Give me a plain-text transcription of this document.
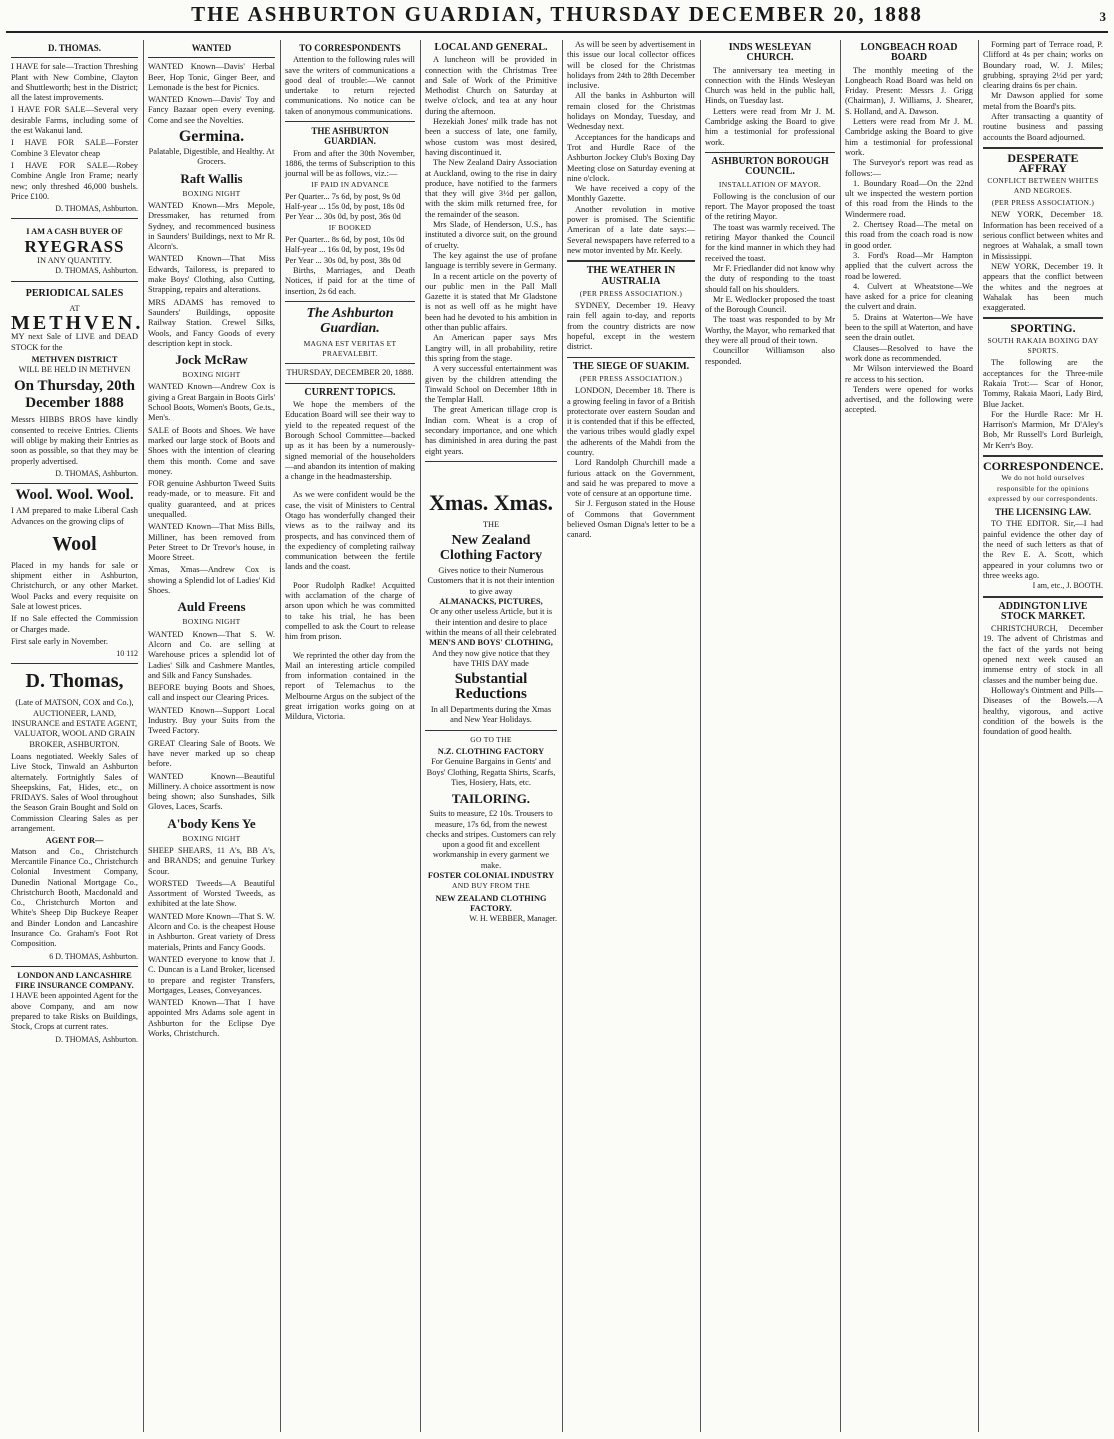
THE ASHBURTON GUARDIAN, THURSDAY DECEMBER 20, 1888	3
D. THOMAS.
I HAVE for sale—Traction Threshing Plant with New Combine, Clayton and Shuttleworth; best in the District; all the latest improvements.
I HAVE FOR SALE—Several very desirable Farms, including some of the est Wakanui land.
I HAVE FOR SALE—Forster Combine 3 Elevator cheap
I HAVE FOR SALE—Robey Combine Angle Iron Frame; nearly new; only threshed 46,000 bushels. Price £100.
D. THOMAS, Ashburton.
I AM A CASH BUYER OF
RYEGRASS
IN ANY QUANTITY.
D. THOMAS, Ashburton.
PERIODICAL SALES
AT
METHVEN.
MY next Sale of LIVE and DEAD STOCK for the
METHVEN DISTRICT
WILL BE HELD IN METHVEN
On Thursday, 20th December 1888
Messrs HIBBS BROS have kindly consented to receive Entries. Clients will oblige by making their Entries as soon as possible, so that they may be properly advertised.
D. THOMAS, Ashburton.
Wool. Wool. Wool.
I AM prepared to make Liberal Cash Advances on the growing clips of
Wool
Placed in my hands for sale or shipment either in Ashburton, Christchurch, or any other Market. Wool Packs and every requisite on Sale at lowest prices.
If no Sale effected the Commission or Charges made.
First sale early in November.
10 112
D. Thomas,
(Late of MATSON, COX and Co.),
AUCTIONEER, LAND, INSURANCE and ESTATE AGENT, VALUATOR, WOOL AND GRAIN BROKER, ASHBURTON.
Loans negotiated. Weekly Sales of Live Stock, Tinwald an Ashburton alternately. Fortnightly Sales of Sheepskins, Fat, Hides, etc., on FRIDAYS. Sales of Wool throughout the Season Grain Bought and Sold on Commission Clearing Sales as per arrangement.
AGENT FOR—
Matson and Co., Christchurch Mercantile Finance Co., Christchurch Colonial Investment Company, Dunedin National Mortgage Co., Christchurch Booth, Macdonald and Co., Christchurch Morton and White's Sheep Dip Buckeye Reaper and Binder London and Lancashire Insurance Co. Graham's Foot Rot Composition.
6 D. THOMAS, Ashburton.
LONDON AND LANCASHIRE FIRE INSURANCE COMPANY.
I HAVE been appointed Agent for the above Company, and am now prepared to take Risks on Buildings, Stock, Crops at current rates.
D. THOMAS, Ashburton.
WANTED
WANTED Known—Davis' Herbal Beer, Hop Tonic, Ginger Beer, and Lemonade is the best for Picnics.
WANTED Known—Davis' Toy and Fancy Bazaar open every evening. Come and see the Novelties.
Germina.
Palatable, Digestible, and Healthy. At Grocers.
Raft Wallis
BOXING NIGHT
WANTED Known—Mrs Mepole, Dressmaker, has returned from Sydney, and recommenced business in Saunders' Buildings, next to Mr R. Alcorn's.
WANTED Known—That Miss Edwards, Tailoress, is prepared to make Boys' Clothing, also Cutting, Strapping, repairs and alterations.
MRS ADAMS has removed to Saunders' Buildings, opposite Railway Station. Crewel Silks, Wools, and Fancy Goods of every description kept in stock.
Jock McRaw
BOXING NIGHT
WANTED Known—Andrew Cox is giving a Great Bargain in Boots Girls' School Boots, Women's Boots, Ge.ts., Men's.
SALE of Boots and Shoes. We have marked our large stock of Boots and Shoes with the intention of clearing them this month. Come and save money.
FOR genuine Ashburton Tweed Suits ready-made, or to measure. Fit and quality guaranteed, and at prices unequalled.
WANTED Known—That Miss Bills, Milliner, has been removed from Peter Street to Dr Trevor's house, in Moore Street.
Xmas, Xmas—Andrew Cox is showing a Splendid lot of Ladies' Kid Shoes.
Auld Freens
BOXING NIGHT
WANTED Known—That S. W. Alcorn and Co. are selling at Warehouse prices a splendid lot of Ladies' Silk and Cashmere Mantles, and Silk and Fancy Sunshades.
BEFORE buying Boots and Shoes, call and inspect our Clearing Prices.
WANTED Known—Support Local Industry. Buy your Suits from the Tweed Factory.
GREAT Clearing Sale of Boots. We have never marked up so cheap before.
WANTED Known—Beautiful Millinery. A choice assortment is now being shown; also Sunshades, Silk Gloves, Laces, Scarfs.
A'body Kens Ye
BOXING NIGHT
SHEEP SHEARS, 11 A's, BB A's, and BRANDS; and genuine Turkey Scour.
WORSTED Tweeds—A Beautiful Assortment of Worsted Tweeds, as exhibited at the late Show.
WANTED More Known—That S. W. Alcorn and Co. is the cheapest House in Ashburton. Great variety of Dress materials, Prints and Fancy Goods.
WANTED everyone to know that J. C. Duncan is a Land Broker, licensed to prepare and register Transfers, Mortgages, Leases, Conveyances.
WANTED Known—That I have appointed Mrs Adams sole agent in Ashburton for the Eclipse Dye Works, Christchurch.
TO CORRESPONDENTS

Attention to the following rules will save the writers of communications a good deal of trouble:—We cannot undertake to return rejected communications. No notice can be taken of anonymous communications.

THE ASHBURTON GUARDIAN.

From and after the 30th November, 1886, the terms of Subscription to this journal will be as follows, viz.:—

IF PAID IN ADVANCE
Per Quarter... 7s 6d, by post, 9s 0d
Half-year ... 15s 0d, by post, 18s 0d
Per Year ... 30s 0d, by post, 36s 0d
IF BOOKED
Per Quarter... 8s 6d, by post, 10s 0d
Half-year ... 16s 0d, by post, 19s 0d
Per Year ... 30s 0d, by post, 38s 0d

Births, Marriages, and Death Notices, if paid for at the time of insertion, 2s 6d each.

The Ashburton Guardian.
MAGNA EST VERITAS ET PRAEVALEBIT.
THURSDAY, DECEMBER 20, 1888.
CURRENT TOPICS.

We hope the members of the Education Board will see their way to yield to the repeated request of the Borough School Committee—backed up as it has been by a numerously-signed memorial of the householders—and abandon its intention of making a change in the headmastership.

As we were confident would be the case, the visit of Ministers to Central Otago has wonderfully changed their views as to the railway and its prospects, and has convinced them of the expediency of completing railway communication between the fertile lands and the coast.

Poor Rudolph Radke! Acquitted with acclamation of the charge of arson upon which he was committed to take his trial, he has been compelled to ask the Court to release him from prison.

We reprinted the other day from the Mail an interesting article compiled from information contained in the report of Telemachus to the Melbourne Argus on the subject of the great irrigation works going on at Mildura, Victoria.

LOCAL AND GENERAL.

A luncheon will be provided in connection with the Christmas Tree and Sale of Work of the Primitive Methodist Church on Saturday at twelve o'clock, and tea at any hour during the afternoon.

Hezekiah Jones' milk trade has not been a success of late, one family, whose custom was most desired, having discontinued it.

The New Zealand Dairy Association at Auckland, owing to the rise in dairy produce, have notified to the farmers that they will give 3½d per gallon, with the skim milk returned free, for the remainder of the season.

Mrs Slade, of Henderson, U.S., has instituted a divorce suit, on the ground of cruelty.

The key against the use of profane language is terribly severe in Germany.

In a recent article on the poverty of our public men in the Pall Mall Gazette it is stated that Mr Gladstone is not as well off as he might have been had he devoted to his ambition in other than public affairs.

An American paper says Mrs Langtry will, in all probability, retire this spring from the stage.

A very successful entertainment was given by the children attending the Tinwald School on December 18th in the Templar Hall.

The great American tillage crop is Indian corn. Wheat is a crop of secondary importance, and one which has diminished in area during the past eight years.

Xmas. Xmas.
THE
New Zealand Clothing Factory
Gives notice to their Numerous Customers that it is not their intention to give away
ALMANACKS, PICTURES,
Or any other useless Article, but it is their intention and desire to place within the means of all their celebrated
MEN'S AND BOYS' CLOTHING,
And they now give notice that they have THIS DAY made
Substantial Reductions
In all Departments during the Xmas and New Year Holidays.
GO TO THE
N.Z. CLOTHING FACTORY
For Genuine Bargains in Gents' and Boys' Clothing, Regatta Shirts, Scarfs, Ties, Hosiery, Hats, etc.
TAILORING.
Suits to measure, £2 10s. Trousers to measure, 17s 6d, from the newest checks and stripes. Customers can rely upon a good fit and excellent workmanship in every garment we make.
FOSTER COLONIAL INDUSTRY
AND BUY FROM THE
NEW ZEALAND CLOTHING FACTORY.
W. H. WEBBER, Manager.

As will be seen by advertisement in this issue our local collector offices will be closed for the Christmas holidays from 24th to 28th December inclusive.

All the banks in Ashburton will remain closed for the Christmas holidays on Monday, Tuesday, and Wednesday next.

Acceptances for the handicaps and Trot and Hurdle Race of the Ashburton Jockey Club's Boxing Day Meeting close on Saturday evening at nine o'clock.

We have received a copy of the Monthly Gazette.

Another revolution in motive power is promised. The Scientific American of a late date says:—Several newspapers have referred to a new motor invented by Mr. Keely.

THE WEATHER IN AUSTRALIA
(PER PRESS ASSOCIATION.)

SYDNEY, December 19. Heavy rain fell again to-day, and reports from the country districts are now hopeful, except in the western district.

THE SIEGE OF SUAKIM.
(PER PRESS ASSOCIATION.)

LONDON, December 18. There is a growing feeling in favor of a British protectorate over eastern Soudan and it is contended that if this be effected, the various tribes would gladly expel the adherents of the Mahdi from the country.

Lord Randolph Churchill made a furious attack on the Government, and said he was prepared to move a vote of censure at an opportune time.

Sir J. Ferguson stated in the House of Commons that Government believed Osman Digna's letter to be a canard.

INDS WESLEYAN CHURCH.

The anniversary tea meeting in connection with the Hinds Wesleyan Church was held in the public hall, Hinds, on Tuesday last.

Letters were read from Mr J. M. Cambridge asking the Board to give him a testimonial for professional work.

ASHBURTON BOROUGH COUNCIL.
INSTALLATION OF MAYOR.

Following is the conclusion of our report. The Mayor proposed the toast of the retiring Mayor.

The toast was warmly received. The retiring Mayor thanked the Council for the kind manner in which they had received the toast.

Mr F. Friedlander did not know why the duty of responding to the toast should fall on his shoulders.

Mr E. Wedlocker proposed the toast of the Borough Council.

The toast was responded to by Mr Worthy, the Mayor, who remarked that they were all proud of their town.

Councillor Williamson also responded.

LONGBEACH ROAD BOARD

The monthly meeting of the Longbeach Road Board was held on Friday. Present: Messrs J. Grigg (Chairman), J. Williams, J. Shearer, S. Holland, and A. Dawson.

Letters were read from Mr J. M. Cambridge asking the Board to give him a testimonial for professional work.

The Surveyor's report was read as follows:—

1. Boundary Road—On the 22nd ult we inspected the western portion of this road from the Hinds to the Windermere road.

2. Chertsey Road—The metal on this road from the coach road is now in good order.

3. Ford's Road—Mr Hampton applied that the culvert across the road be lowered.

4. Culvert at Wheatstone—We have asked for a price for cleaning the culvert and drain.

5. Drains at Waterton—We have been to the spill at Waterton, and have seen the drain outlet.

Clauses—Resolved to have the work done as recommended.

Mr Wilson interviewed the Board re access to his section.

Tenders were opened for works advertised, and the following were accepted.

Forming part of Terrace road, P. Clifford at 4s per chain; works on Boundary road, W. J. Miles; grubbing, spraying 2½d per yard; clearing drains 6s per chain.

Mr Dawson applied for some metal from the Board's pits.

After transacting a quantity of routine business and passing accounts the Board adjourned.

DESPERATE AFFRAY
CONFLICT BETWEEN WHITES AND NEGROES.
(PER PRESS ASSOCIATION.)

NEW YORK, December 18. Information has been received of a serious conflict between whites and negroes at Wahalak, a small town in Mississippi.

NEW YORK, December 19. It appears that the conflict between the whites and the negroes at Wahalak has been much exaggerated.

SPORTING.
SOUTH RAKAIA BOXING DAY SPORTS.

The following are the acceptances for the Three-mile Rakaia Trot:— Scar of Honor, Tommy, Rakaia Maori, Lady Bird, Blue Jacket.

For the Hurdle Race: Mr H. Harrison's Marmion, Mr D'Aley's Bob, Mr Russell's Lord Burleigh, Mr Kerr's Boy.

CORRESPONDENCE.
We do not hold ourselves responsible for the opinions expressed by our correspondents.
THE LICENSING LAW.

TO THE EDITOR. Sir,—I had painful evidence the other day of the need of such letters as that of the Rev E. A. Scott, which appeared in your columns two or three weeks ago.

I am, etc., J. BOOTH.
ADDINGTON LIVE STOCK MARKET.

CHRISTCHURCH, December 19. The advent of Christmas and the fact of the yards not being opened next week caused an immense entry of stock in all classes and the number being due.

Holloway's Ointment and Pills—Diseases of the Bowels.—A healthy, vigorous, and active condition of the bowels is the foundation of good health.
